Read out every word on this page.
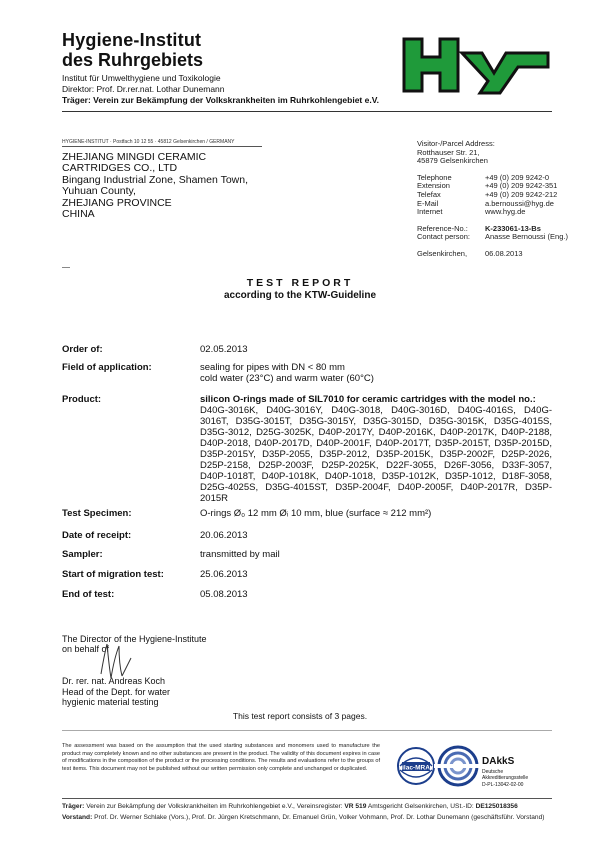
Hygiene-Institut
des Ruhrgebiets
Institut für Umwelthygiene und Toxikologie
Direktor: Prof. Dr.rer.nat. Lothar Dunemann
Träger: Verein zur Bekämpfung der Volkskrankheiten im Ruhrkohlengebiet e.V.
HYGIENE-INSTITUT · Postfach 10 12 55 · 45812 Gelsenkirchen / GERMANY
ZHEJIANG MINGDI CERAMIC
CARTRIDGES CO., LTD
Bingang Industrial Zone, Shamen Town,
Yuhuan County,
ZHEJIANG PROVINCE
CHINA
Visitor-/Parcel Address:
Rotthauser Str. 21,
45879 Gelsenkirchen
Telephone	+49 (0) 209 9242-0
Extension	+49 (0) 209 9242-351
Telefax	+49 (0) 209 9242-212
E-Mail	a.bernoussi@hyg.de
Internet	www.hyg.de
Reference-No.:	K-233061-13-Bs
Contact person:	Anasse Bernoussi (Eng.)
Gelsenkirchen,	06.08.2013
TEST REPORT
according to the KTW-Guideline
Order of:	02.05.2013
Field of application:	sealing for pipes with DN < 80 mm
cold water (23°C) and warm water (60°C)
Product:	silicon O-rings made of SIL7010 for ceramic cartridges with the model no.:
D40G-3016K, D40G-3016Y, D40G-3018, D40G-3016D, D40G-4016S, D40G-3016T, D35G-3015T, D35G-3015Y, D35G-3015D, D35G-3015K, D35G-4015S, D35G-3012, D25G-3025K, D40P-2017Y, D40P-2016K, D40P-2017K, D40P-2188, D40P-2018, D40P-2017D, D40P-2001F, D40P-2017T, D35P-2015T, D35P-2015D, D35P-2015Y, D35P-2055, D35P-2012, D35P-2015K, D35P-2002F, D25P-2026, D25P-2158, D25P-2003F, D25P-2025K, D22F-3055, D26F-3056, D33F-3057, D40P-1018T, D40P-1018K, D40P-1018, D35P-1012K, D35P-1012, D18F-3058, D25G-4025S, D35G-4015ST, D35P-2004F, D40P-2005F, D40P-2017R, D35P-2015R
Test Specimen:	O-rings Ø₀ 12 mm Øᵢ 10 mm, blue (surface ≈ 212 mm²)
Date of receipt:	20.06.2013
Sampler:	transmitted by mail
Start of migration test:	25.06.2013
End of test:	05.08.2013
The Director of the Hygiene-Institute
on behalf of
Dr. rer. nat. Andreas Koch
Head of the Dept. for water
hygienic material testing
This test report consists of 3 pages.
The assessment was based on the assumption that the used starting substances and monomers used to manufacture the product may completely known and no other substances are present in the product. The validity of this document expires in case of modifications in the composition of the product or the processing conditions. The results and evaluations refer to the groups of test items. This document may not be published without our written permission only complete and unchanged or duplicated.	ilac-MRA
DAkkS
Deutsche
Akkreditierungsstelle
D-PL-13042-02-00
Träger: Verein zur Bekämpfung der Volkskrankheiten im Ruhrkohlengebiet e.V., Vereinsregister: VR 519 Amtsgericht Gelsenkirchen, USt.-ID: DE125018356
Vorstand: Prof. Dr. Werner Schlake (Vors.), Prof. Dr. Jürgen Kretschmann, Dr. Emanuel Grün, Volker Vohmann, Prof. Dr. Lothar Dunemann (geschäftsführ. Vorstand)
